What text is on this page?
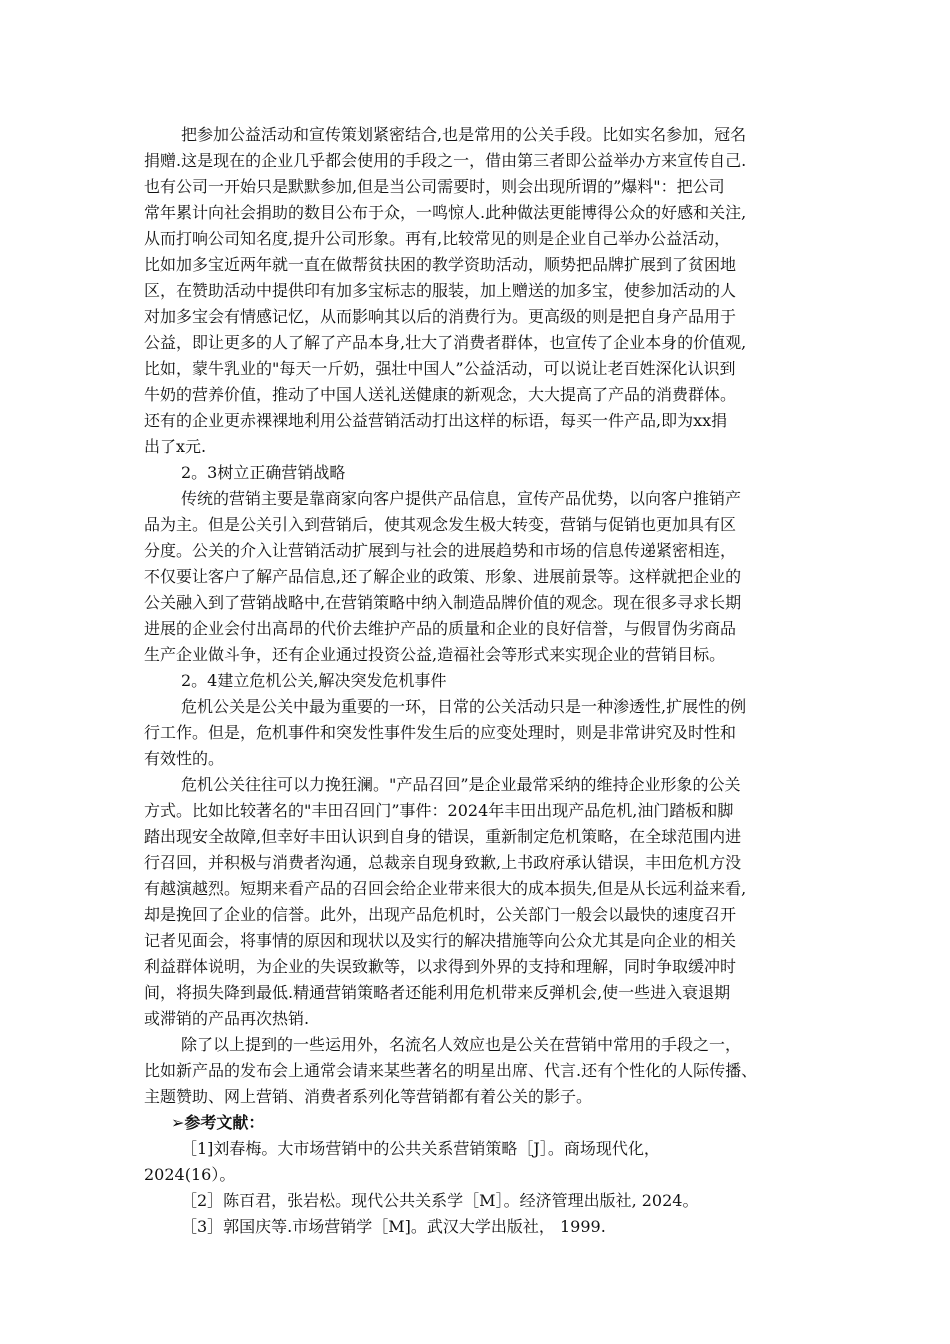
把参加公益活动和宣传策划紧密结合,也是常用的公关手段。比如实名参加，冠名
捐赠.这是现在的企业几乎都会使用的手段之一，借由第三者即公益举办方来宣传自己.
也有公司一开始只是默默参加,但是当公司需要时，则会出现所谓的”爆料"：把公司
常年累计向社会捐助的数目公布于众，一鸣惊人.此种做法更能博得公众的好感和关注,
从而打响公司知名度,提升公司形象。再有,比较常见的则是企业自己举办公益活动，
比如加多宝近两年就一直在做帮贫扶困的教学资助活动，顺势把品牌扩展到了贫困地
区，在赞助活动中提供印有加多宝标志的服装，加上赠送的加多宝，使参加活动的人
对加多宝会有情感记忆，从而影响其以后的消费行为。更高级的则是把自身产品用于
公益，即让更多的人了解了产品本身,壮大了消费者群体，也宣传了企业本身的价值观,
比如，蒙牛乳业的"每天一斤奶，强壮中国人”公益活动，可以说让老百姓深化认识到
牛奶的营养价值，推动了中国人送礼送健康的新观念，大大提高了产品的消费群体。
还有的企业更赤裸裸地利用公益营销活动打出这样的标语，每买一件产品,即为xx捐
出了x元.
2。3树立正确营销战略
传统的营销主要是靠商家向客户提供产品信息，宣传产品优势，以向客户推销产
品为主。但是公关引入到营销后，使其观念发生极大转变，营销与促销也更加具有区
分度。公关的介入让营销活动扩展到与社会的进展趋势和市场的信息传递紧密相连，
不仅要让客户了解产品信息,还了解企业的政策、形象、进展前景等。这样就把企业的
公关融入到了营销战略中,在营销策略中纳入制造品牌价值的观念。现在很多寻求长期
进展的企业会付出高昂的代价去维护产品的质量和企业的良好信誉，与假冒伪劣商品
生产企业做斗争，还有企业通过投资公益,造福社会等形式来实现企业的营销目标。
2。4建立危机公关,解决突发危机事件
危机公关是公关中最为重要的一环，日常的公关活动只是一种渗透性,扩展性的例
行工作。但是，危机事件和突发性事件发生后的应变处理时，则是非常讲究及时性和
有效性的。
危机公关往往可以力挽狂澜。"产品召回”是企业最常采纳的维持企业形象的公关
方式。比如比较著名的"丰田召回门”事件：2024年丰田出现产品危机,油门踏板和脚
踏出现安全故障,但幸好丰田认识到自身的错误，重新制定危机策略，在全球范围内进
行召回，并积极与消费者沟通，总裁亲自现身致歉,上书政府承认错误，丰田危机方没
有越演越烈。短期来看产品的召回会给企业带来很大的成本损失,但是从长远利益来看,
却是挽回了企业的信誉。此外，出现产品危机时，公关部门一般会以最快的速度召开
记者见面会，将事情的原因和现状以及实行的解决措施等向公众尤其是向企业的相关
利益群体说明，为企业的失误致歉等，以求得到外界的支持和理解，同时争取缓冲时
间，将损失降到最低.精通营销策略者还能利用危机带来反弹机会,使一些进入衰退期
或滞销的产品再次热销.
除了以上提到的一些运用外，名流名人效应也是公关在营销中常用的手段之一，
比如新产品的发布会上通常会请来某些著名的明星出席、代言.还有个性化的人际传播、
主题赞助、网上营销、消费者系列化等营销都有着公关的影子。
➢参考文献：
［1]刘春梅。大市场营销中的公共关系营销策略［J］。商场现代化，
2024(16）。
［2］陈百君，张岩松。现代公共关系学［M］。经济管理出版社, 2024。
［3］郭国庆等.市场营销学［M]。武汉大学出版社， 1999.
